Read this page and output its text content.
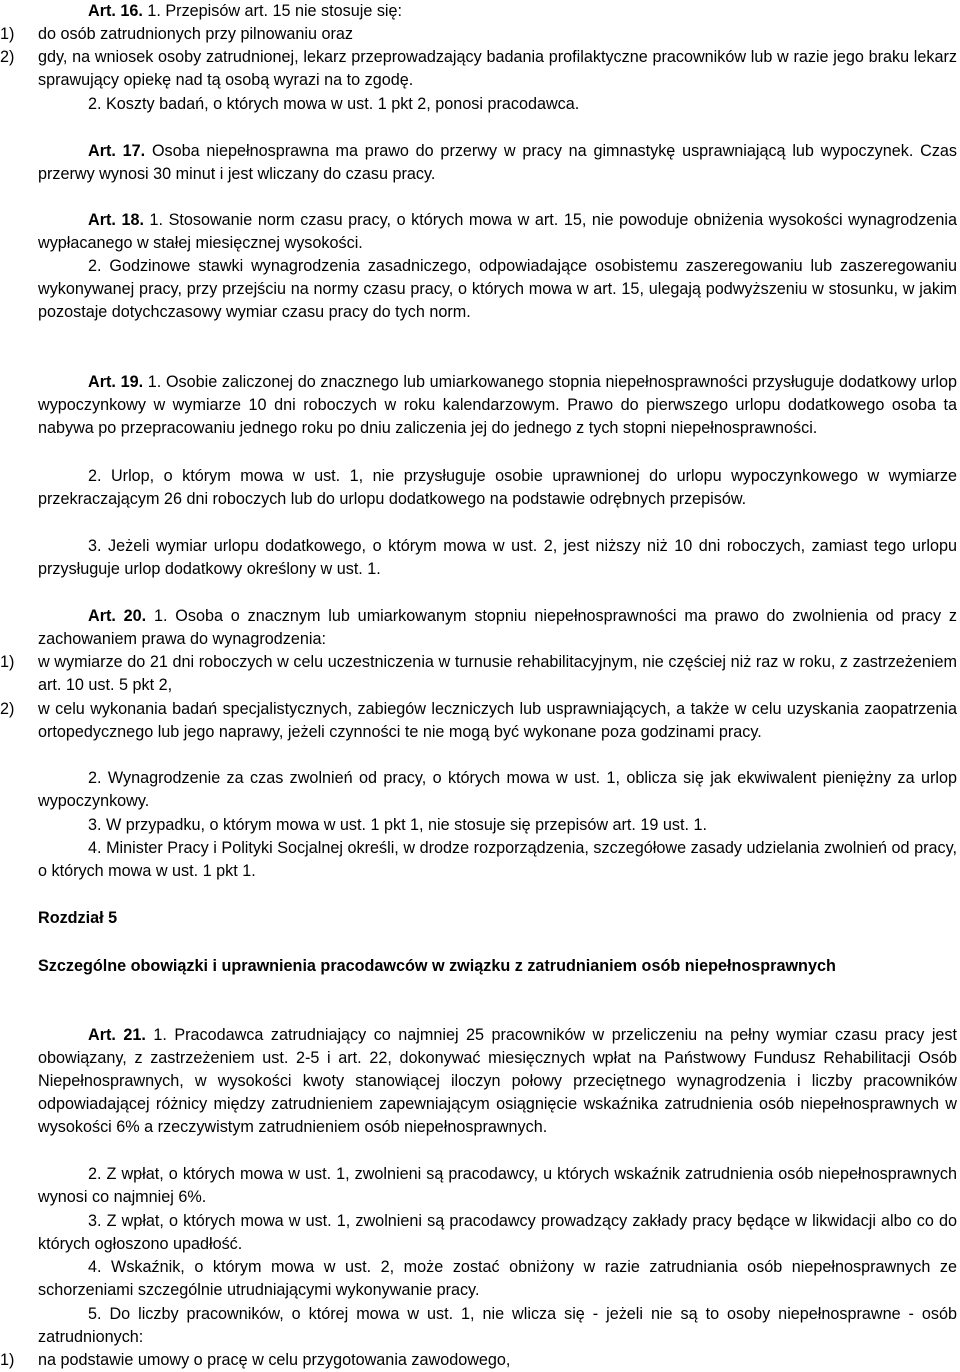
Art. 16. 1. Przepisów art. 15 nie stosuje się:

1) do osób zatrudnionych przy pilnowaniu oraz

2) gdy, na wniosek osoby zatrudnionej, lekarz przeprowadzający badania profilaktyczne pracowników lub w razie jego braku lekarz sprawujący opiekę nad tą osobą wyrazi na to zgodę.

2. Koszty badań, o których mowa w ust. 1 pkt 2, ponosi pracodawca.

Art. 17. Osoba niepełnosprawna ma prawo do przerwy w pracy na gimnastykę usprawniającą lub wypoczynek. Czas przerwy wynosi 30 minut i jest wliczany do czasu pracy.

Art. 18. 1. Stosowanie norm czasu pracy, o których mowa w art. 15, nie powoduje obniżenia wysokości wynagrodzenia wypłacanego w stałej miesięcznej wysokości.

2. Godzinowe stawki wynagrodzenia zasadniczego, odpowiadające osobistemu zaszeregowaniu lub zaszeregowaniu wykonywanej pracy, przy przejściu na normy czasu pracy, o których mowa w art. 15, ulegają podwyższeniu w stosunku, w jakim pozostaje dotychczasowy wymiar czasu pracy do tych norm.

Art. 19. 1. Osobie zaliczonej do znacznego lub umiarkowanego stopnia niepełnosprawności przysługuje dodatkowy urlop wypoczynkowy w wymiarze 10 dni roboczych w roku kalendarzowym. Prawo do pierwszego urlopu dodatkowego osoba ta nabywa po przepracowaniu jednego roku po dniu zaliczenia jej do jednego z tych stopni niepełnosprawności.

2. Urlop, o którym mowa w ust. 1, nie przysługuje osobie uprawnionej do urlopu wypoczynkowego w wymiarze przekraczającym 26 dni roboczych lub do urlopu dodatkowego na podstawie odrębnych przepisów.

3. Jeżeli wymiar urlopu dodatkowego, o którym mowa w ust. 2, jest niższy niż 10 dni roboczych, zamiast tego urlopu przysługuje urlop dodatkowy określony w ust. 1.

Art. 20. 1. Osoba o znacznym lub umiarkowanym stopniu niepełnosprawności ma prawo do zwolnienia od pracy z zachowaniem prawa do wynagrodzenia:

1) w wymiarze do 21 dni roboczych w celu uczestniczenia w turnusie rehabilitacyjnym, nie częściej niż raz w roku, z zastrzeżeniem art. 10 ust. 5 pkt 2,

2) w celu wykonania badań specjalistycznych, zabiegów leczniczych lub usprawniających, a także w celu uzyskania zaopatrzenia ortopedycznego lub jego naprawy, jeżeli czynności te nie mogą być wykonane poza godzinami pracy.

2. Wynagrodzenie za czas zwolnień od pracy, o których mowa w ust. 1, oblicza się jak ekwiwalent pieniężny za urlop wypoczynkowy.

3. W przypadku, o którym mowa w ust. 1 pkt 1, nie stosuje się przepisów art. 19 ust. 1.

4. Minister Pracy i Polityki Socjalnej określi, w drodze rozporządzenia, szczegółowe zasady udzielania zwolnień od pracy, o których mowa w ust. 1 pkt 1.

Rozdział 5

Szczególne obowiązki i uprawnienia pracodawców w związku z zatrudnianiem osób niepełnosprawnych

Art. 21. 1. Pracodawca zatrudniający co najmniej 25 pracowników w przeliczeniu na pełny wymiar czasu pracy jest obowiązany, z zastrzeżeniem ust. 2-5 i art. 22, dokonywać miesięcznych wpłat na Państwowy Fundusz Rehabilitacji Osób Niepełnosprawnych, w wysokości kwoty stanowiącej iloczyn połowy przeciętnego wynagrodzenia i liczby pracowników odpowiadającej różnicy między zatrudnieniem zapewniającym osiągnięcie wskaźnika zatrudnienia osób niepełnosprawnych w wysokości 6% a rzeczywistym zatrudnieniem osób niepełnosprawnych.

2. Z wpłat, o których mowa w ust. 1, zwolnieni są pracodawcy, u których wskaźnik zatrudnienia osób niepełnosprawnych wynosi co najmniej 6%.

3. Z wpłat, o których mowa w ust. 1, zwolnieni są pracodawcy prowadzący zakłady pracy będące w likwidacji albo co do których ogłoszono upadłość.

4. Wskaźnik, o którym mowa w ust. 2, może zostać obniżony w razie zatrudniania osób niepełnosprawnych ze schorzeniami szczególnie utrudniającymi wykonywanie pracy.

5. Do liczby pracowników, o której mowa w ust. 1, nie wlicza się - jeżeli nie są to osoby niepełnosprawne - osób zatrudnionych:

1) na podstawie umowy o pracę w celu przygotowania zawodowego,
